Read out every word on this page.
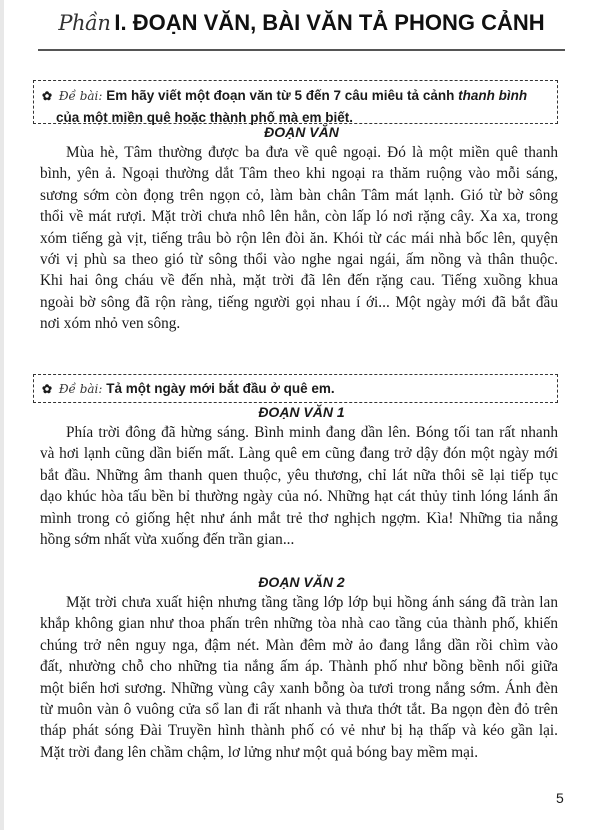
Phần I. ĐOẠN VĂN, BÀI VĂN TẢ PHONG CẢNH
✿ Đề bài: Em hãy viết một đoạn văn từ 5 đến 7 câu miêu tả cảnh thanh bình
của một miền quê hoặc thành phố mà em biết.
ĐOẠN VĂN
Mùa hè, Tâm thường được ba đưa về quê ngoại. Đó là một miền quê thanh
bình, yên ả. Ngoại thường dắt Tâm theo khi ngoại ra thăm ruộng vào mỗi sáng,
sương sớm còn đọng trên ngọn cỏ, làm bàn chân Tâm mát lạnh. Gió từ bờ sông
thổi về mát rượi. Mặt trời chưa nhô lên hẳn, còn lấp ló nơi rặng cây. Xa xa, trong
xóm tiếng gà vịt, tiếng trâu bò rộn lên đòi ăn. Khói từ các mái nhà bốc lên, quyện
với vị phù sa theo gió từ sông thổi vào nghe ngai ngái, ấm nồng và thân thuộc.
Khi hai ông cháu về đến nhà, mặt trời đã lên đến rặng cau. Tiếng xuồng khua
ngoài bờ sông đã rộn ràng, tiếng người gọi nhau í ới... Một ngày mới đã bắt đầu
nơi xóm nhỏ ven sông.
✿ Đề bài: Tả một ngày mới bắt đầu ở quê em.
ĐOẠN VĂN 1
Phía trời đông đã hừng sáng. Bình minh đang dần lên. Bóng tối tan rất nhanh
và hơi lạnh cũng dần biến mất. Làng quê em cũng đang trở dậy đón một ngày mới
bắt đầu. Những âm thanh quen thuộc, yêu thương, chỉ lát nữa thôi sẽ lại tiếp tục
dạo khúc hòa tấu bền bỉ thường ngày của nó. Những hạt cát thủy tinh lóng lánh ẩn
mình trong cỏ giống hệt như ánh mắt trẻ thơ nghịch ngợm. Kìa! Những tia nắng
hồng sớm nhất vừa xuống đến trần gian...
ĐOẠN VĂN 2
Mặt trời chưa xuất hiện nhưng tầng tầng lớp lớp bụi hồng ánh sáng đã tràn lan
khắp không gian như thoa phấn trên những tòa nhà cao tầng của thành phố, khiến
chúng trở nên nguy nga, đậm nét. Màn đêm mờ ảo đang lắng dần rồi chìm vào
đất, nhường chỗ cho những tia nắng ấm áp. Thành phố như bồng bềnh nổi giữa
một biển hơi sương. Những vùng cây xanh bỗng òa tươi trong nắng sớm. Ánh đèn
từ muôn vàn ô vuông cửa sổ lan đi rất nhanh và thưa thớt tắt. Ba ngọn đèn đỏ trên
tháp phát sóng Đài Truyền hình thành phố có vẻ như bị hạ thấp và kéo gần lại.
Mặt trời đang lên chầm chậm, lơ lửng như một quả bóng bay mềm mại.
5
